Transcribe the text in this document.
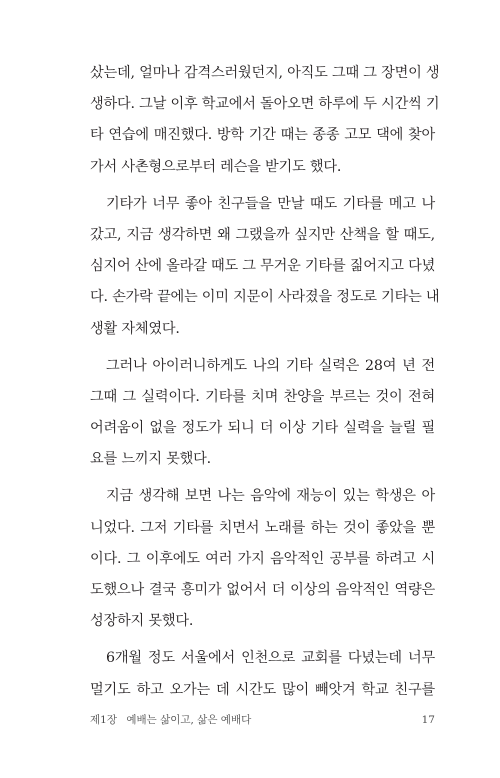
샀는데, 얼마나 감격스러웠던지, 아직도 그때 그 장면이 생
생하다. 그날 이후 학교에서 돌아오면 하루에 두 시간씩 기
타 연습에 매진했다. 방학 기간 때는 종종 고모 댁에 찾아
가서 사촌형으로부터 레슨을 받기도 했다.
기타가 너무 좋아 친구들을 만날 때도 기타를 메고 나
갔고, 지금 생각하면 왜 그랬을까 싶지만 산책을 할 때도,
심지어 산에 올라갈 때도 그 무거운 기타를 짊어지고 다녔
다. 손가락 끝에는 이미 지문이 사라졌을 정도로 기타는 내
생활 자체였다.
그러나 아이러니하게도 나의 기타 실력은 28여 년 전
그때 그 실력이다. 기타를 치며 찬양을 부르는 것이 전혀
어려움이 없을 정도가 되니 더 이상 기타 실력을 늘릴 필
요를 느끼지 못했다.
지금 생각해 보면 나는 음악에 재능이 있는 학생은 아
니었다. 그저 기타를 치면서 노래를 하는 것이 좋았을 뿐
이다. 그 이후에도 여러 가지 음악적인 공부를 하려고 시
도했으나 결국 흥미가 없어서 더 이상의 음악적인 역량은
성장하지 못했다.
6개월 정도 서울에서 인천으로 교회를 다녔는데 너무
멀기도 하고 오가는 데 시간도 많이 빼앗겨 학교 친구를
제1장 예배는 삶이고, 삶은 예배다	17
